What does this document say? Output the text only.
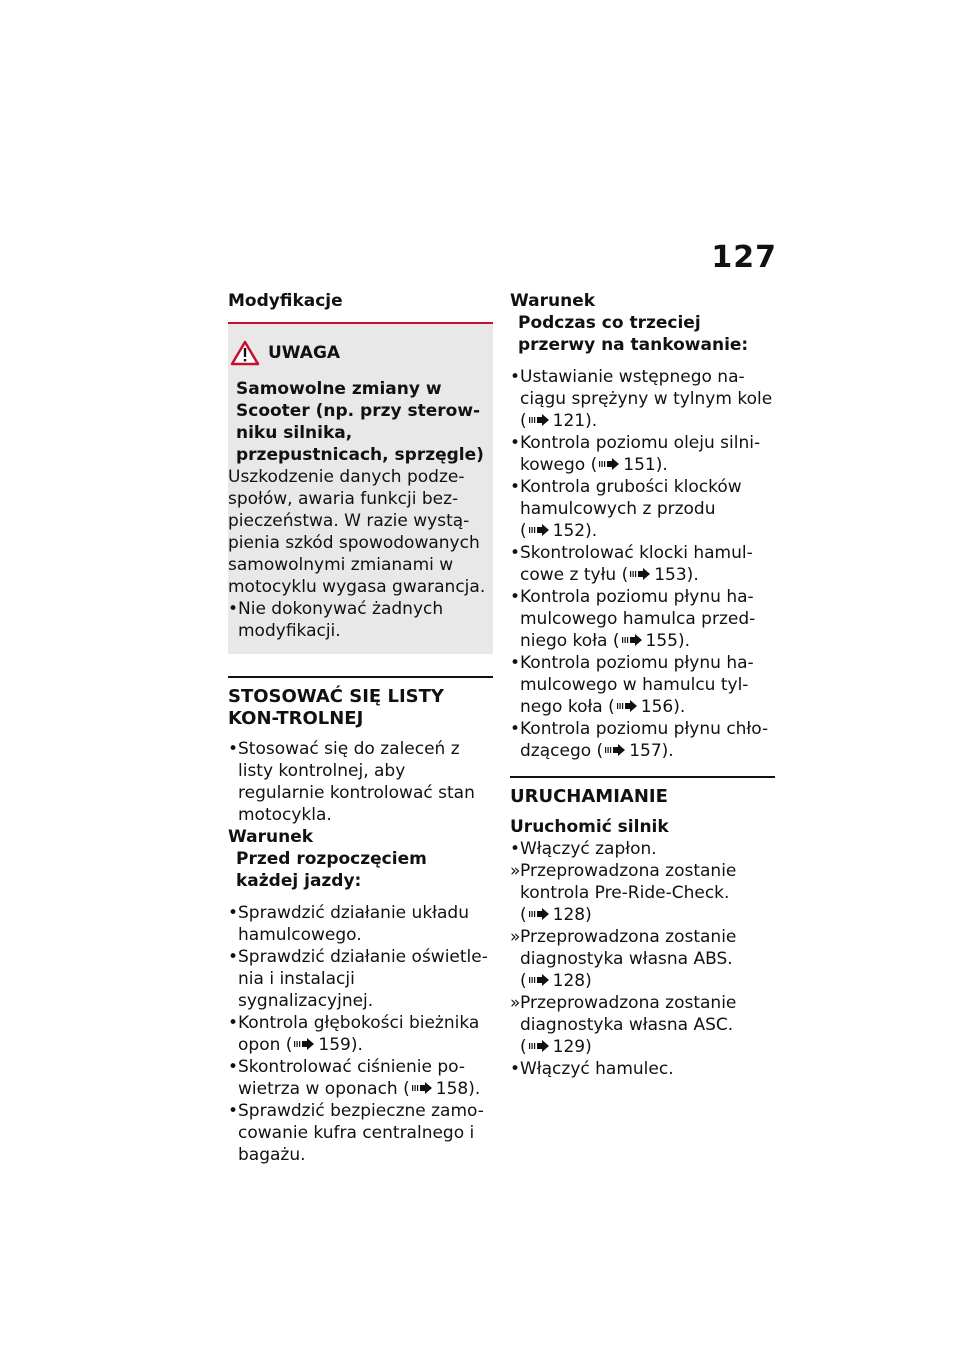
127
Modyfikacje
UWAGA

Samowolne zmiany w Scooter (np. przy sterow-niku silnika, przepustnicach, sprzęgle)

Uszkodzenie danych podze-społów, awaria funkcji bez-pieczeństwa. W razie wystą-pienia szkód spowodowanych samowolnymi zmianami w motocyklu wygasa gwarancja.

• Nie dokonywać żadnych modyfikacji.
STOSOWAĆ SIĘ LISTY KON-TROLNEJ
• Stosować się do zaleceń z listy kontrolnej, aby regularnie kontrolować stan motocykla.
Warunek

Przed rozpoczęciem każdej jazdy:

• Sprawdzić działanie układu hamulcowego.
• Sprawdzić działanie oświetle-nia i instalacji sygnalizacyjnej.
• Kontrola głębokości bieżnika opon ( 159).
• Skontrolować ciśnienie po-wietrza w oponach ( 158).
• Sprawdzić bezpieczne zamo-cowanie kufra centralnego i bagażu.
Warunek

Podczas co trzeciej przerwy na tankowanie:

• Ustawianie wstępnego na-ciągu sprężyny w tylnym kole ( 121).
• Kontrola poziomu oleju silni-kowego ( 151).
• Kontrola grubości klocków hamulcowych z przodu ( 152).
• Skontrolować klocki hamul-cowe z tyłu ( 153).
• Kontrola poziomu płynu ha-mulcowego hamulca przed-niego koła ( 155).
• Kontrola poziomu płynu ha-mulcowego w hamulcu tyl-nego koła ( 156).
• Kontrola poziomu płynu chło-dzącego ( 157).
URUCHAMIANIE
Uruchomić silnik
• Włączyć zapłon.
» Przeprowadzona zostanie kontrola Pre-Ride-Check. ( 128)
» Przeprowadzona zostanie diagnostyka własna ABS. ( 128)
» Przeprowadzona zostanie diagnostyka własna ASC. ( 129)
• Włączyć hamulec.
